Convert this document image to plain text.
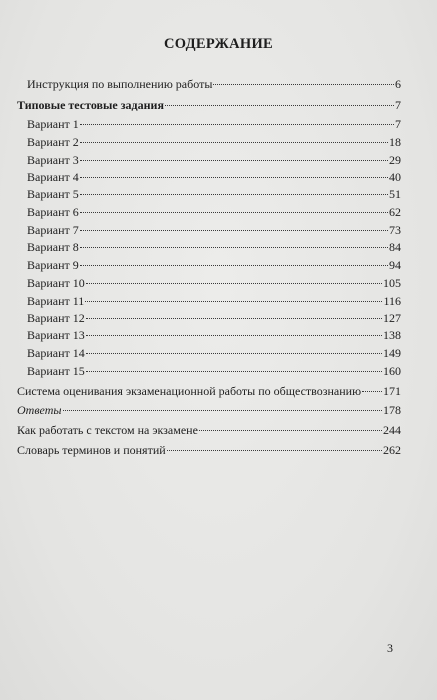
СОДЕРЖАНИЕ
Инструкция по выполнению работы	6
Типовые тестовые задания	7
Вариант 1	7
Вариант 2	18
Вариант 3	29
Вариант 4	40
Вариант 5	51
Вариант 6	62
Вариант 7	73
Вариант 8	84
Вариант 9	94
Вариант 10	105
Вариант 11	116
Вариант 12	127
Вариант 13	138
Вариант 14	149
Вариант 15	160
Система оценивания экзаменационной работы по обществознанию 171
Ответы	178
Как работать с текстом на экзамене	244
Словарь терминов и понятий	262
3
